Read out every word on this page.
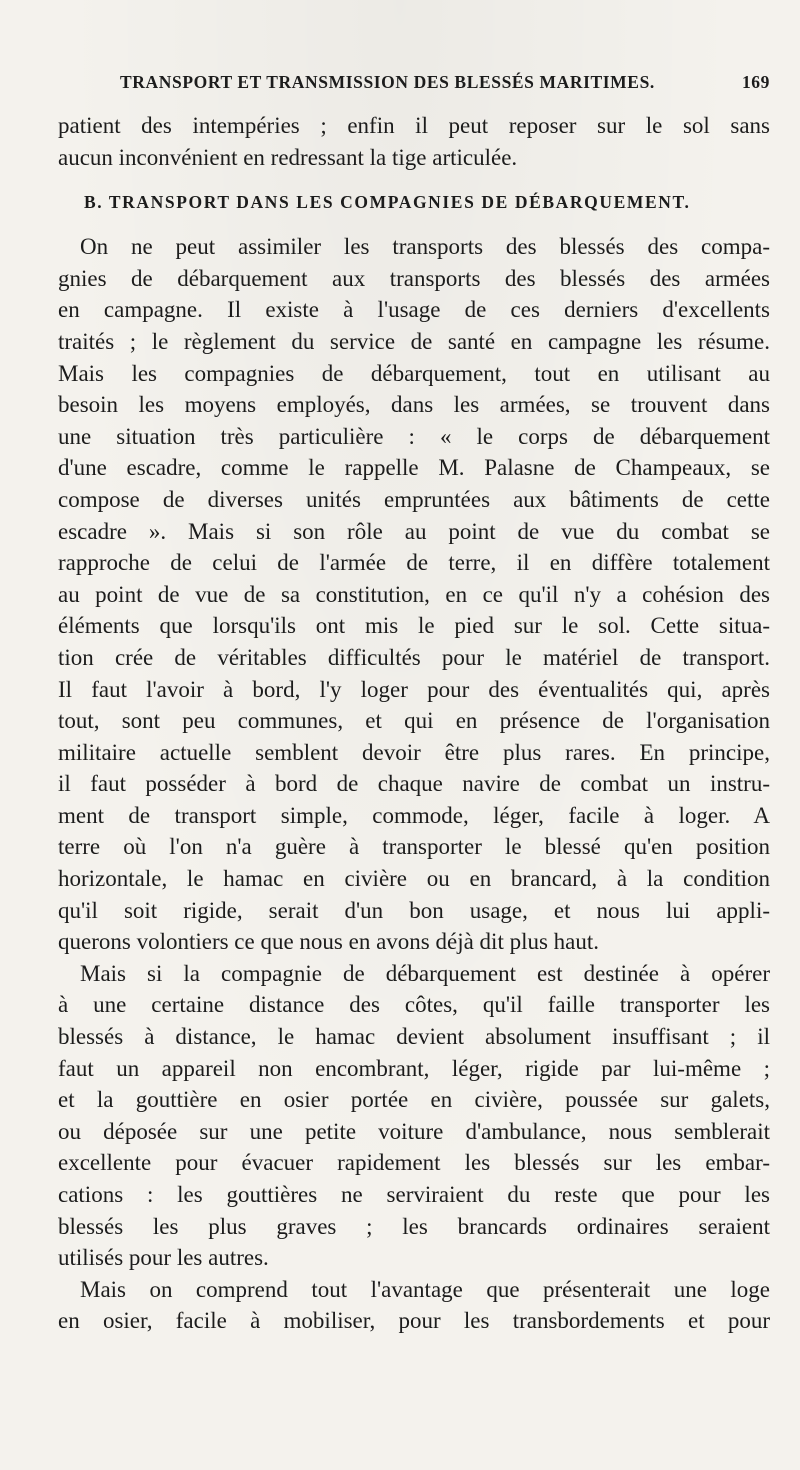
TRANSPORT ET TRANSMISSION DES BLESSÉS MARITIMES.	169
patient des intempéries ; enfin il peut reposer sur le sol sans
aucun inconvénient en redressant la tige articulée.
B. TRANSPORT DANS LES COMPAGNIES DE DÉBARQUEMENT.
On ne peut assimiler les transports des blessés des compa-
gnies de débarquement aux transports des blessés des armées
en campagne. Il existe à l'usage de ces derniers d'excellents
traités ; le règlement du service de santé en campagne les résume.
Mais les compagnies de débarquement, tout en utilisant au
besoin les moyens employés, dans les armées, se trouvent dans
une situation très particulière : « le corps de débarquement
d'une escadre, comme le rappelle M. Palasne de Champeaux, se
compose de diverses unités empruntées aux bâtiments de cette
escadre ». Mais si son rôle au point de vue du combat se
rapproche de celui de l'armée de terre, il en diffère totalement
au point de vue de sa constitution, en ce qu'il n'y a cohésion des
éléments que lorsqu'ils ont mis le pied sur le sol. Cette situa-
tion crée de véritables difficultés pour le matériel de transport.
Il faut l'avoir à bord, l'y loger pour des éventualités qui, après
tout, sont peu communes, et qui en présence de l'organisation
militaire actuelle semblent devoir être plus rares. En principe,
il faut posséder à bord de chaque navire de combat un instru-
ment de transport simple, commode, léger, facile à loger. A
terre où l'on n'a guère à transporter le blessé qu'en position
horizontale, le hamac en civière ou en brancard, à la condition
qu'il soit rigide, serait d'un bon usage, et nous lui appli-
querons volontiers ce que nous en avons déjà dit plus haut.
Mais si la compagnie de débarquement est destinée à opérer
à une certaine distance des côtes, qu'il faille transporter les
blessés à distance, le hamac devient absolument insuffisant ; il
faut un appareil non encombrant, léger, rigide par lui-même ;
et la gouttière en osier portée en civière, poussée sur galets,
ou déposée sur une petite voiture d'ambulance, nous semblerait
excellente pour évacuer rapidement les blessés sur les embar-
cations : les gouttières ne serviraient du reste que pour les
blessés les plus graves ; les brancards ordinaires seraient
utilisés pour les autres.
Mais on comprend tout l'avantage que présenterait une loge
en osier, facile à mobiliser, pour les transbordements et pour
